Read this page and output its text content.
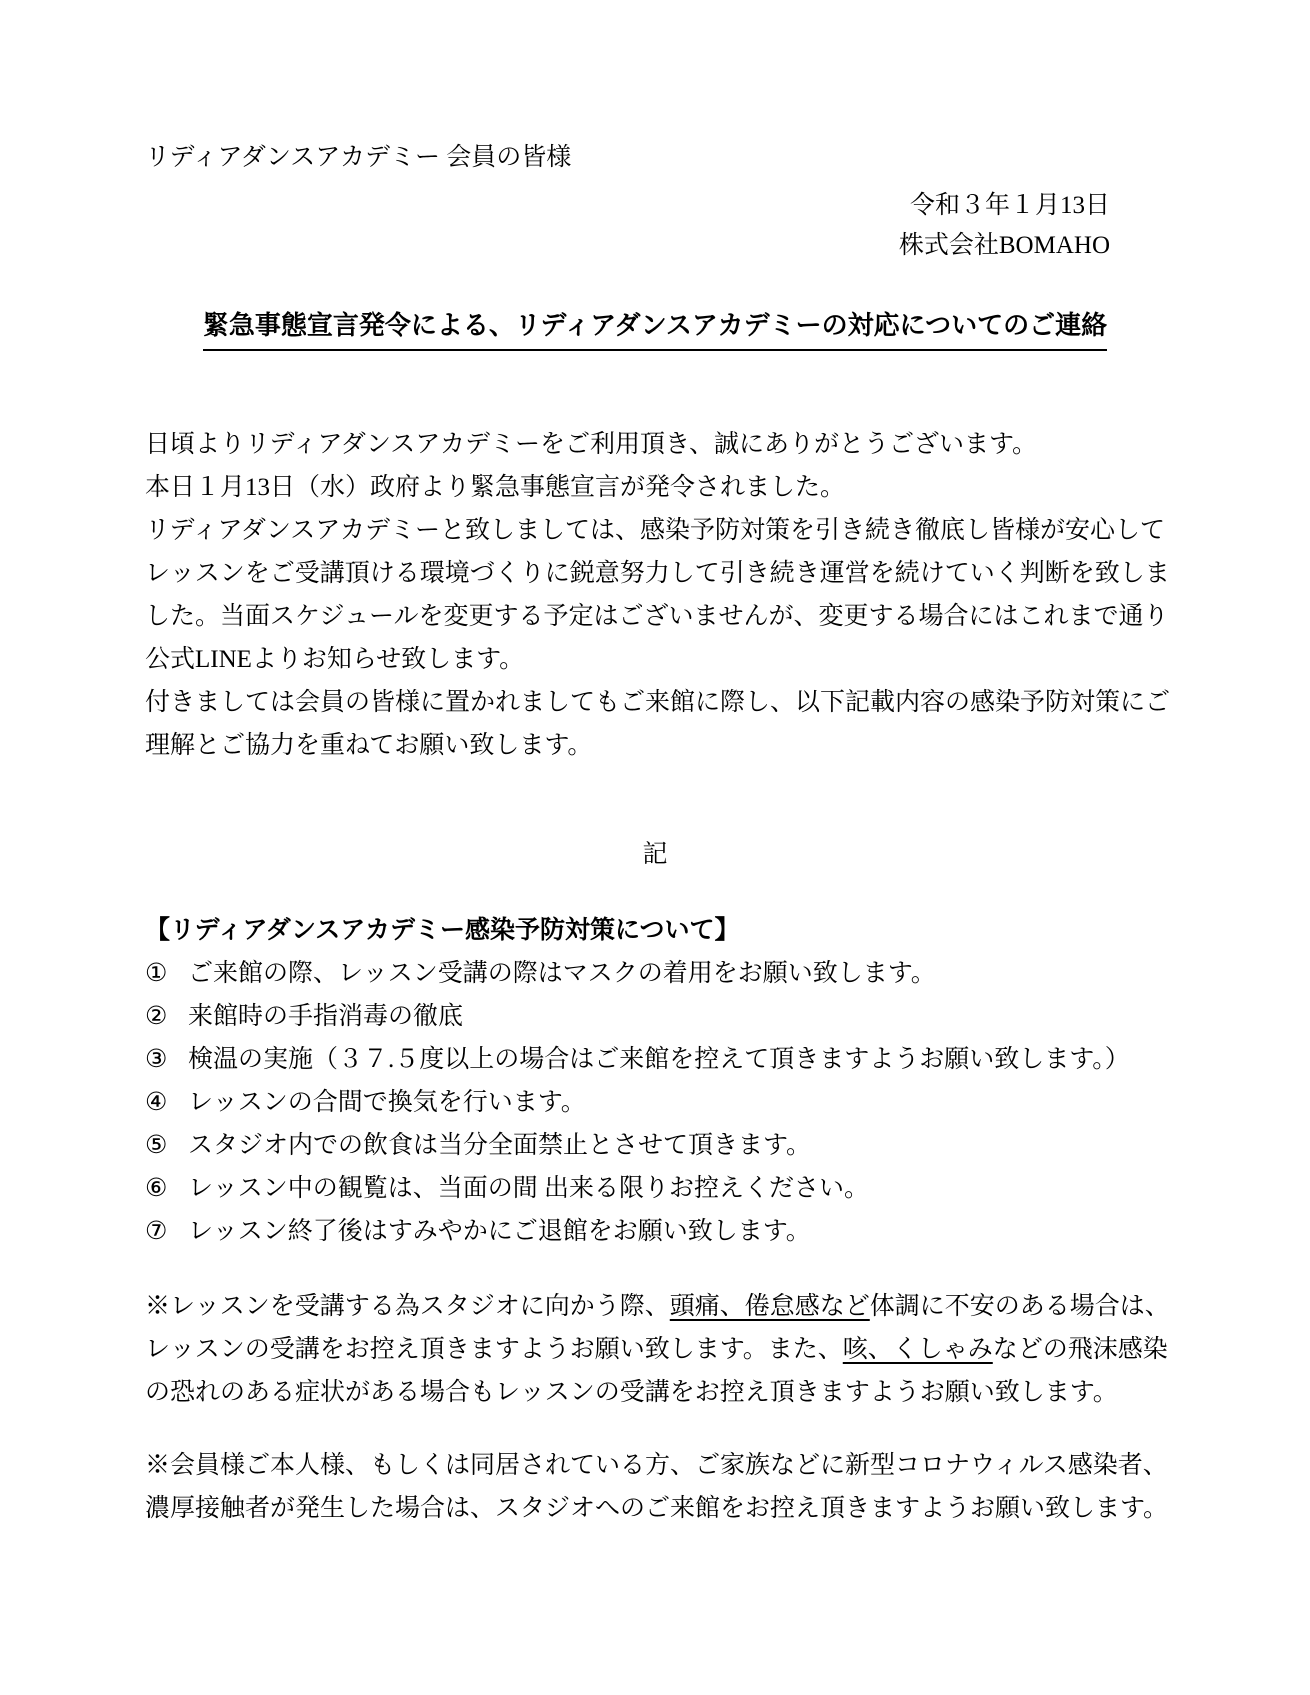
リディアダンスアカデミー 会員の皆様
令和３年１月13日
株式会社BOMAHO
緊急事態宣言発令による、リディアダンスアカデミーの対応についてのご連絡
日頃よりリディアダンスアカデミーをご利用頂き、誠にありがとうございます。
本日１月13日（水）政府より緊急事態宣言が発令されました。
リディアダンスアカデミーと致しましては、感染予防対策を引き続き徹底し皆様が安心して
レッスンをご受講頂ける環境づくりに鋭意努力して引き続き運営を続けていく判断を致しま
した。当面スケジュールを変更する予定はございませんが、変更する場合にはこれまで通り
公式LINEよりお知らせ致します。
付きましては会員の皆様に置かれましてもご来館に際し、以下記載内容の感染予防対策にご
理解とご協力を重ねてお願い致します。
記
【リディアダンスアカデミー感染予防対策について】
① ご来館の際、レッスン受講の際はマスクの着用をお願い致します。
② 来館時の手指消毒の徹底
③ 検温の実施（３７.５度以上の場合はご来館を控えて頂きますようお願い致します。）
④ レッスンの合間で換気を行います。
⑤ スタジオ内での飲食は当分全面禁止とさせて頂きます。
⑥ レッスン中の観覧は、当面の間 出来る限りお控えください。
⑦ レッスン終了後はすみやかにご退館をお願い致します。
※レッスンを受講する為スタジオに向かう際、頭痛、倦怠感など体調に不安のある場合は、
レッスンの受講をお控え頂きますようお願い致します。また、咳、くしゃみなどの飛沫感染
の恐れのある症状がある場合もレッスンの受講をお控え頂きますようお願い致します。
※会員様ご本人様、もしくは同居されている方、ご家族などに新型コロナウィルス感染者、
濃厚接触者が発生した場合は、スタジオへのご来館をお控え頂きますようお願い致します。
